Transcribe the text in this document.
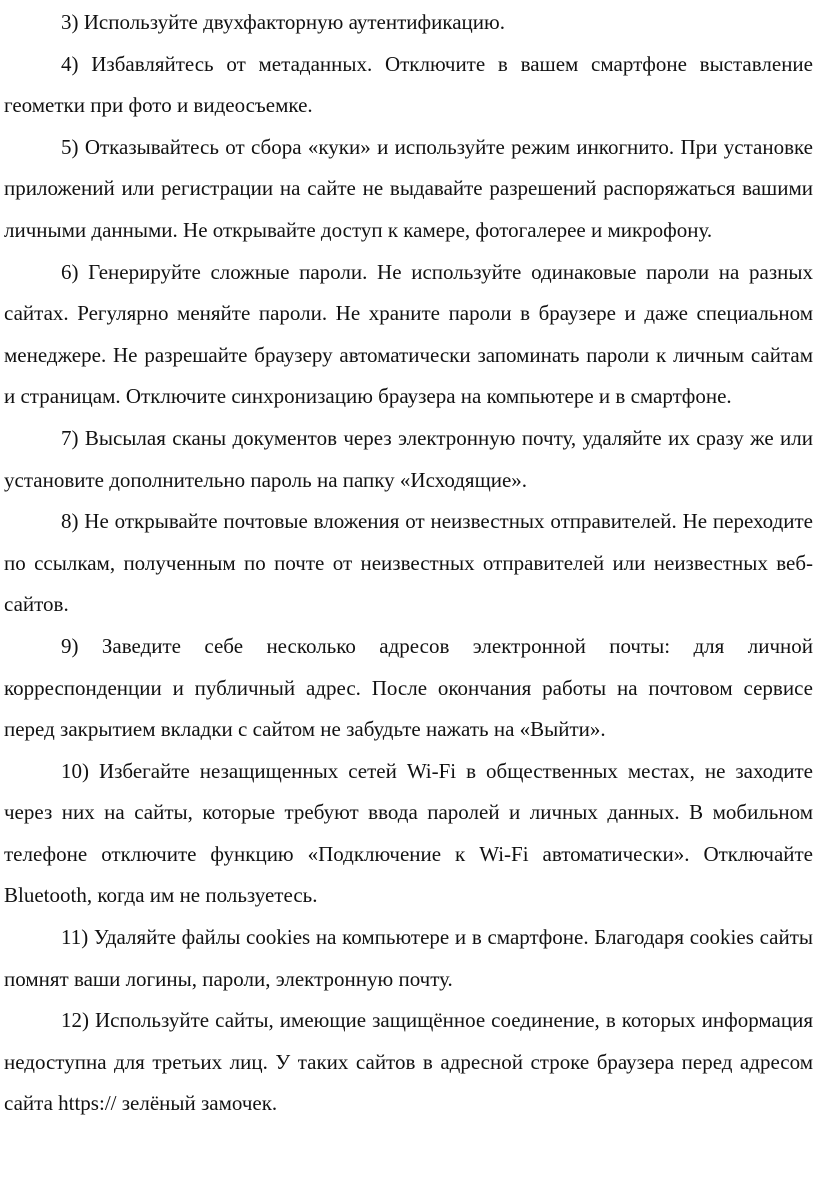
3) Используйте двухфакторную аутентификацию.

4) Избавляйтесь от метаданных. Отключите в вашем смартфоне выставление геометки при фото и видеосъемке.

5) Отказывайтесь от сбора «куки» и используйте режим инкогнито. При установке приложений или регистрации на сайте не выдавайте разрешений распоряжаться вашими личными данными. Не открывайте доступ к камере, фотогалерее и микрофону.

6) Генерируйте сложные пароли. Не используйте одинаковые пароли на разных сайтах. Регулярно меняйте пароли. Не храните пароли в браузере и даже специальном менеджере. Не разрешайте браузеру автоматически запоминать пароли к личным сайтам и страницам. Отключите синхронизацию браузера на компьютере и в смартфоне.

7) Высылая сканы документов через электронную почту, удаляйте их сразу же или установите дополнительно пароль на папку «Исходящие».

8) Не открывайте почтовые вложения от неизвестных отправителей. Не переходите по ссылкам, полученным по почте от неизвестных отправителей или неизвестных веб-сайтов.

9) Заведите себе несколько адресов электронной почты: для личной корреспонденции и публичный адрес. После окончания работы на почтовом сервисе перед закрытием вкладки с сайтом не забудьте нажать на «Выйти».

10) Избегайте незащищенных сетей Wi-Fi в общественных местах, не заходите через них на сайты, которые требуют ввода паролей и личных данных. В мобильном телефоне отключите функцию «Подключение к Wi-Fi автоматически». Отключайте Bluetooth, когда им не пользуетесь.

11) Удаляйте файлы cookies на компьютере и в смартфоне. Благодаря cookies сайты помнят ваши логины, пароли, электронную почту.

12) Используйте сайты, имеющие защищённое соединение, в которых информация недоступна для третьих лиц. У таких сайтов в адресной строке браузера перед адресом сайта https:// зелёный замочек.
